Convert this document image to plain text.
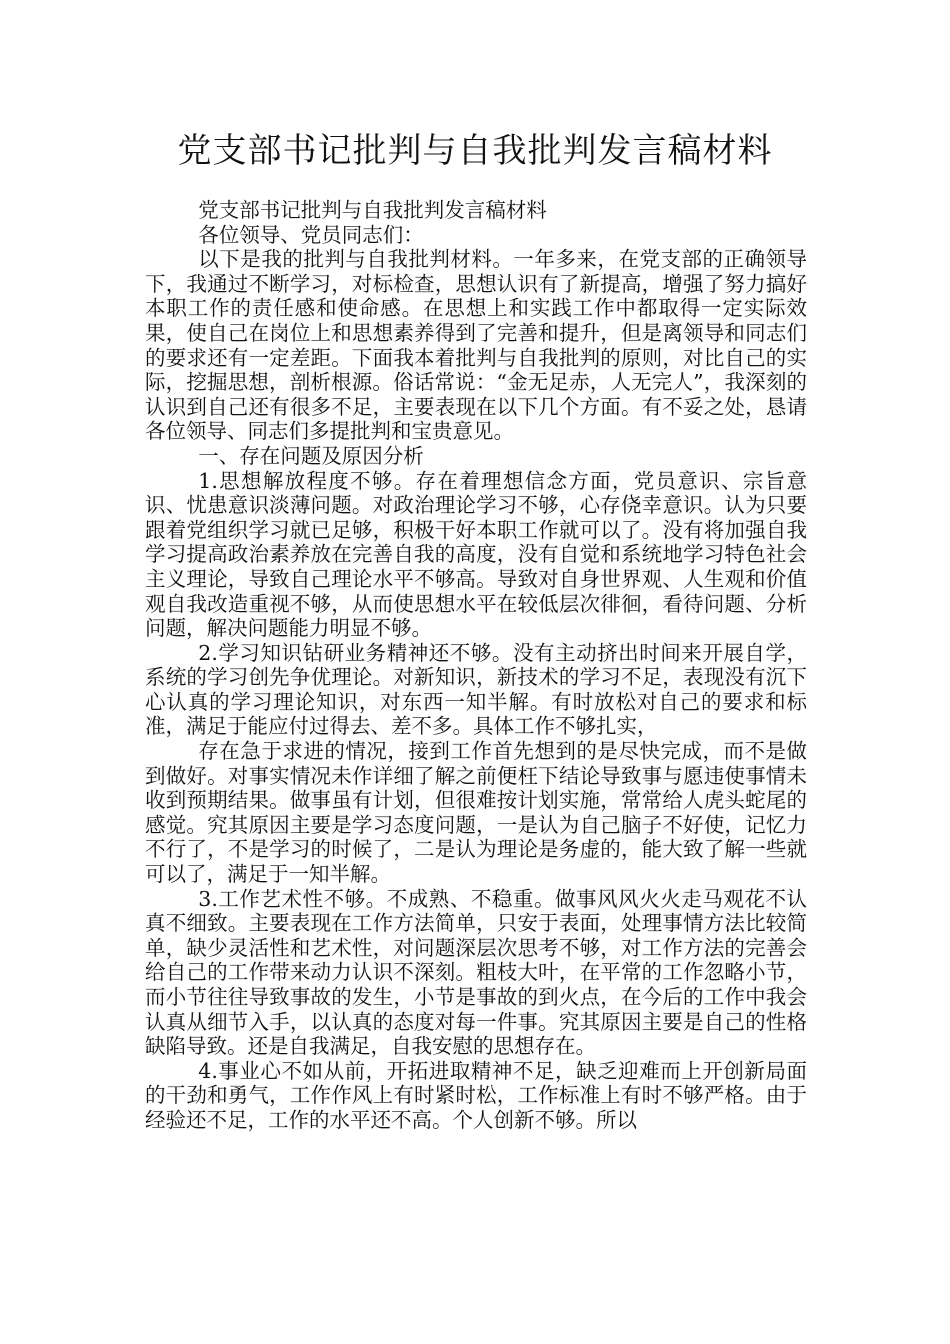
党支部书记批判与自我批判发言稿材料

党支部书记批判与自我批判发言稿材料

各位领导、党员同志们：

以下是我的批判与自我批判材料。一年多来，在党支部的正确领导下，我通过不断学习，对标检查，思想认识有了新提高，增强了努力搞好本职工作的责任感和使命感。在思想上和实践工作中都取得一定实际效果，使自己在岗位上和思想素养得到了完善和提升，但是离领导和同志们的要求还有一定差距。下面我本着批判与自我批判的原则，对比自己的实际，挖掘思想，剖析根源。俗话常说：“金无足赤，人无完人”，我深刻的认识到自己还有很多不足，主要表现在以下几个方面。有不妥之处，恳请各位领导、同志们多提批判和宝贵意见。

一、存在问题及原因分析

1.思想解放程度不够。存在着理想信念方面，党员意识、宗旨意识、忧患意识淡薄问题。对政治理论学习不够，心存侥幸意识。认为只要跟着党组织学习就已足够，积极干好本职工作就可以了。没有将加强自我学习提高政治素养放在完善自我的高度，没有自觉和系统地学习特色社会主义理论，导致自己理论水平不够高。导致对自身世界观、人生观和价值观自我改造重视不够，从而使思想水平在较低层次徘徊，看待问题、分析问题，解决问题能力明显不够。

2.学习知识钻研业务精神还不够。没有主动挤出时间来开展自学，系统的学习创先争优理论。对新知识，新技术的学习不足，表现没有沉下心认真的学习理论知识，对东西一知半解。有时放松对自己的要求和标准，满足于能应付过得去、差不多。具体工作不够扎实，

存在急于求进的情况，接到工作首先想到的是尽快完成，而不是做到做好。对事实情况未作详细了解之前便枉下结论导致事与愿违使事情未收到预期结果。做事虽有计划，但很难按计划实施，常常给人虎头蛇尾的感觉。究其原因主要是学习态度问题，一是认为自己脑子不好使，记忆力不行了，不是学习的时候了，二是认为理论是务虚的，能大致了解一些就可以了，满足于一知半解。

3.工作艺术性不够。不成熟、不稳重。做事风风火火走马观花不认真不细致。主要表现在工作方法简单，只安于表面，处理事情方法比较简单，缺少灵活性和艺术性，对问题深层次思考不够，对工作方法的完善会给自己的工作带来动力认识不深刻。粗枝大叶，在平常的工作忽略小节，而小节往往导致事故的发生，小节是事故的到火点，在今后的工作中我会认真从细节入手，以认真的态度对每一件事。究其原因主要是自己的性格缺陷导致。还是自我满足，自我安慰的思想存在。

4.事业心不如从前，开拓进取精神不足，缺乏迎难而上开创新局面的干劲和勇气，工作作风上有时紧时松，工作标准上有时不够严格。由于经验还不足，工作的水平还不高。个人创新不够。所以
